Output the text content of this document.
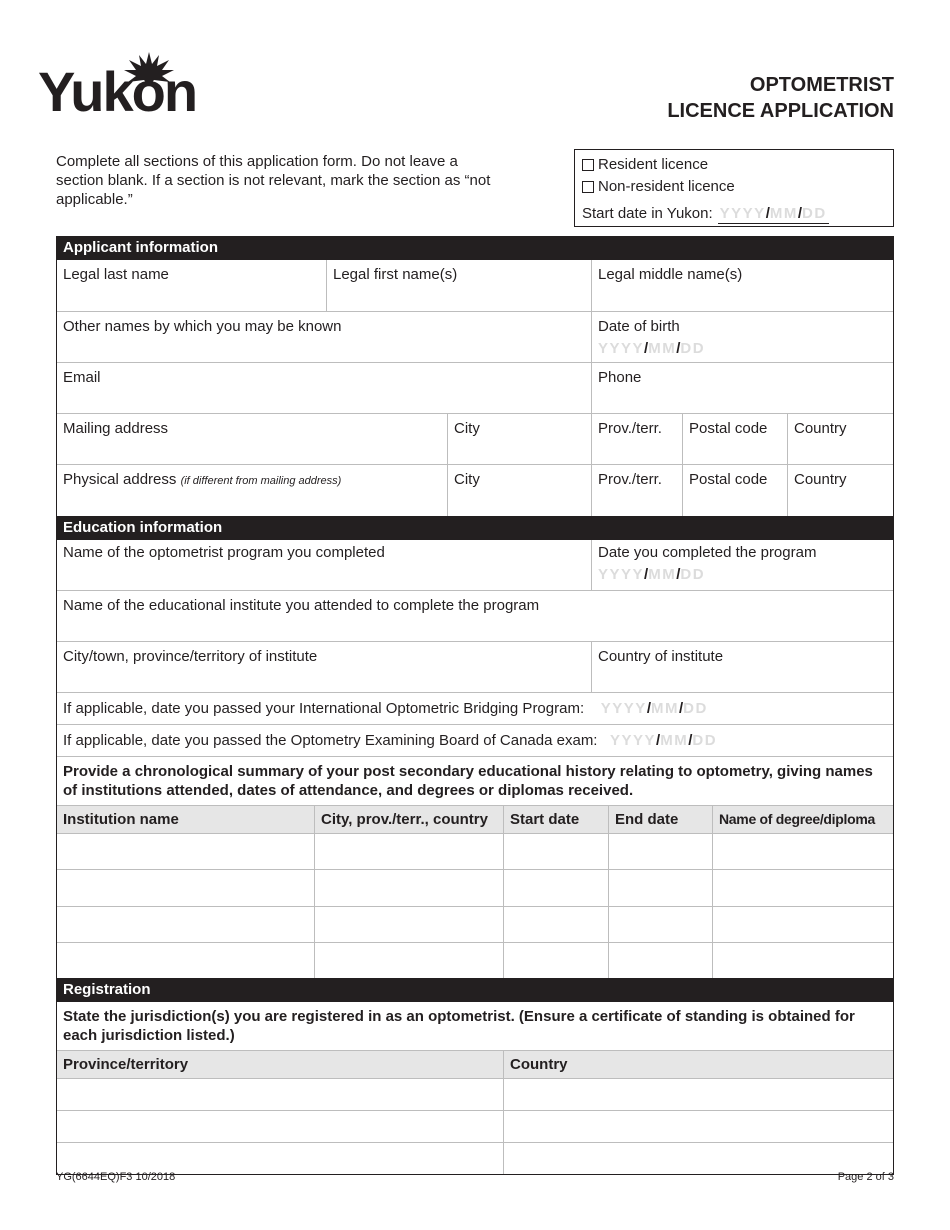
Yukon	OPTOMETRIST
LICENCE APPLICATION
Complete all sections of this application form. Do not leave a section blank. If a section is not relevant, mark the section as “not applicable.”
Resident licence
Non-resident licence
Start date in Yukon: YYYY/MM/DD
Applicant information
Legal last name	Legal first name(s)	Legal middle name(s)
Other names by which you may be known	Date of birth
YYYY/MM/DD
Email	Phone
Mailing address	City	Prov./terr.	Postal code	Country
Physical address (if different from mailing address)	City	Prov./terr.	Postal code	Country
Education information
Name of the optometrist program you completed	Date you completed the program
YYYY/MM/DD
Name of the educational institute you attended to complete the program
City/town, province/territory of institute	Country of institute
If applicable, date you passed your International Optometric Bridging Program: YYYY/MM/DD
If applicable, date you passed the Optometry Examining Board of Canada exam: YYYY/MM/DD
Provide a chronological summary of your post secondary educational history relating to optometry, giving names of institutions attended, dates of attendance, and degrees or diplomas received.
Institution name	City, prov./terr., country	Start date	End date	Name of degree/diploma
Registration
State the jurisdiction(s) you are registered in as an optometrist. (Ensure a certificate of standing is obtained for each jurisdiction listed.)
Province/territory	Country
YG(6644EQ)F3 10/2018	Page 2 of 3
